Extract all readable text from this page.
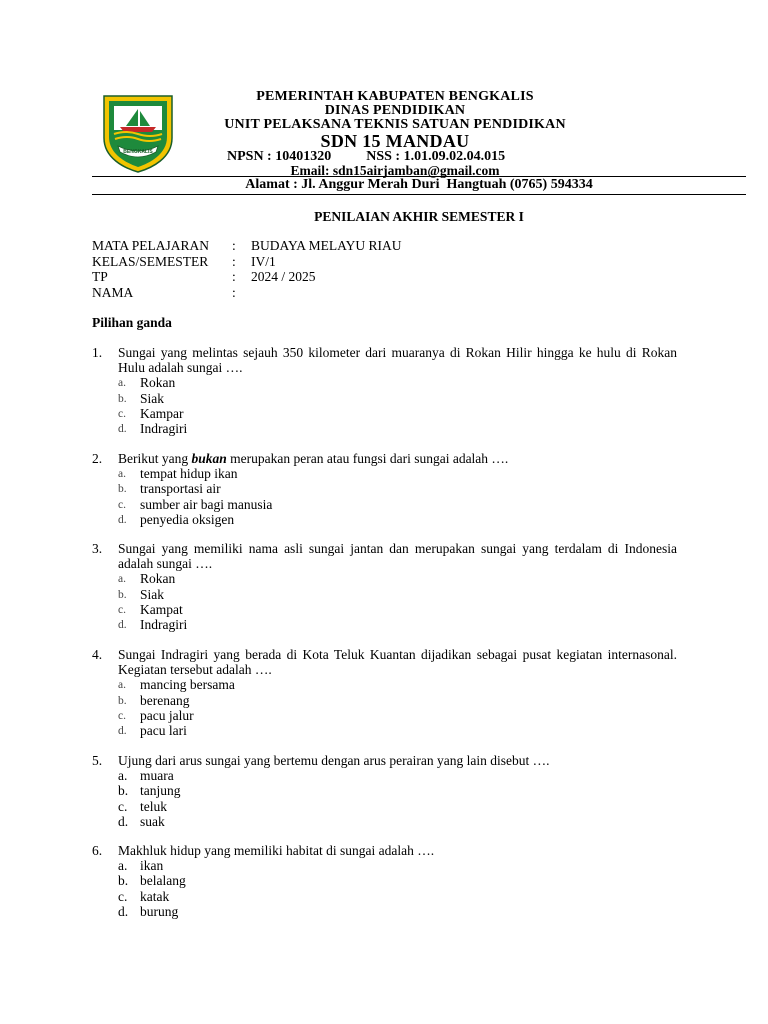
BENGKALIS
PEMERINTAH KABUPATEN BENGKALIS
DINAS PENDIDIKAN
UNIT PELAKSANA TEKNIS SATUAN PENDIDIKAN
SDN 15 MANDAU
NPSN : 10401320          NSS : 1.01.09.02.04.015
Email: sdn15airjamban@gmail.com
Alamat : Jl. Anggur Merah Duri  Hangtuah (0765) 594334
PENILAIAN AKHIR SEMESTER I
MATA PELAJARAN : BUDAYA MELAYU RIAU
KELAS/SEMESTER : IV/1
TP	: 2024 / 2025
NAMA	:
Pilihan ganda
1. Sungai yang melintas sejauh 350 kilometer dari muaranya di Rokan Hilir hingga ke hulu di Rokan Hulu adalah sungai ….
a. Rokan
b. Siak
c. Kampar
d. Indragiri
2. Berikut yang bukan merupakan peran atau fungsi dari sungai adalah ….
a. tempat hidup ikan
b. transportasi air
c. sumber air bagi manusia
d. penyedia oksigen
3. Sungai yang memiliki nama asli sungai jantan dan merupakan sungai yang terdalam di Indonesia adalah sungai ….
a. Rokan
b. Siak
c. Kampat
d. Indragiri
4. Sungai Indragiri yang berada di Kota Teluk Kuantan dijadikan sebagai pusat kegiatan internasonal. Kegiatan tersebut adalah ….
a. mancing bersama
b. berenang
c. pacu jalur
d. pacu lari
5. Ujung dari arus sungai yang bertemu dengan arus perairan yang lain disebut ….
a. muara
b. tanjung
c. teluk
d. suak
6. Makhluk hidup yang memiliki habitat di sungai adalah ….
a. ikan
b. belalang
c. katak
d. burung
